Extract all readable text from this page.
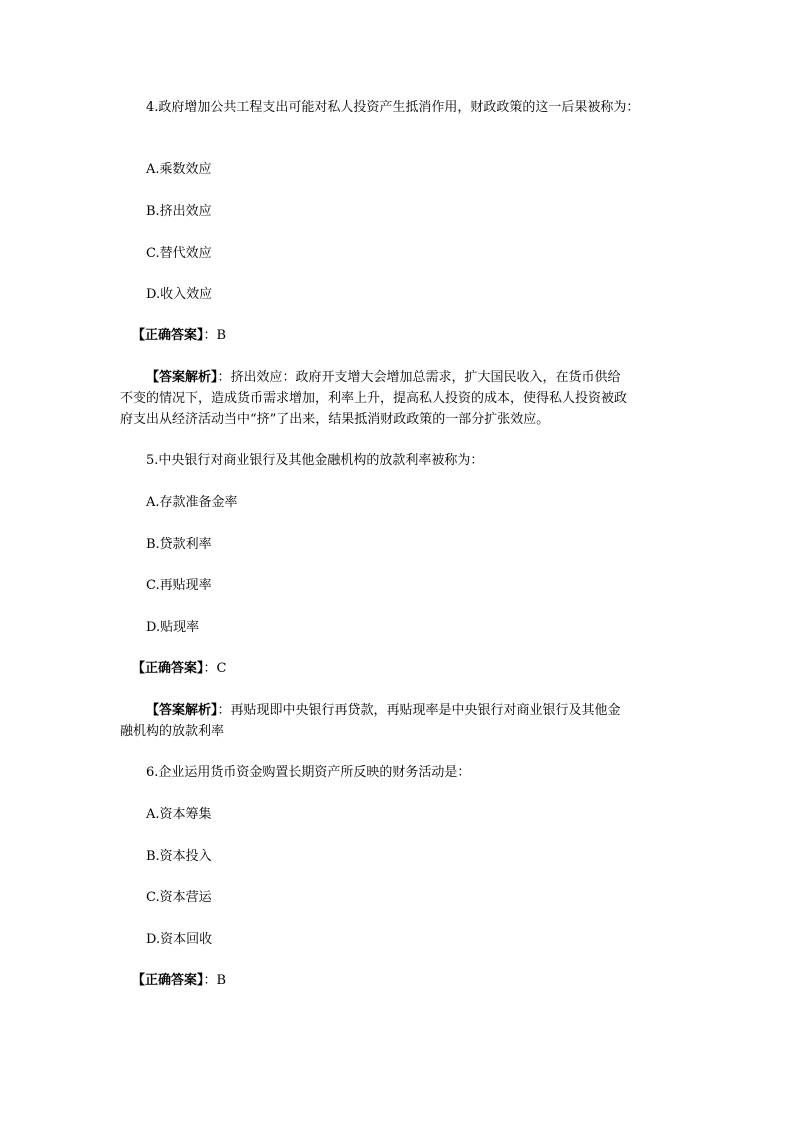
4.政府增加公共工程支出可能对私人投资产生抵消作用，财政政策的这一后果被称为：
A.乘数效应
B.挤出效应
C.替代效应
D.收入效应
【正确答案】：B
【答案解析】：挤出效应：政府开支增大会增加总需求，扩大国民收入，在货币供给
不变的情况下，造成货币需求增加，利率上升，提高私人投资的成本，使得私人投资被政
府支出从经济活动当中“挤”了出来，结果抵消财政政策的一部分扩张效应。
5.中央银行对商业银行及其他金融机构的放款利率被称为：
A.存款准备金率
B.贷款利率
C.再贴现率
D.贴现率
【正确答案】：C
【答案解析】：再贴现即中央银行再贷款，再贴现率是中央银行对商业银行及其他金
融机构的放款利率
6.企业运用货币资金购置长期资产所反映的财务活动是：
A.资本筹集
B.资本投入
C.资本营运
D.资本回收
【正确答案】：B
